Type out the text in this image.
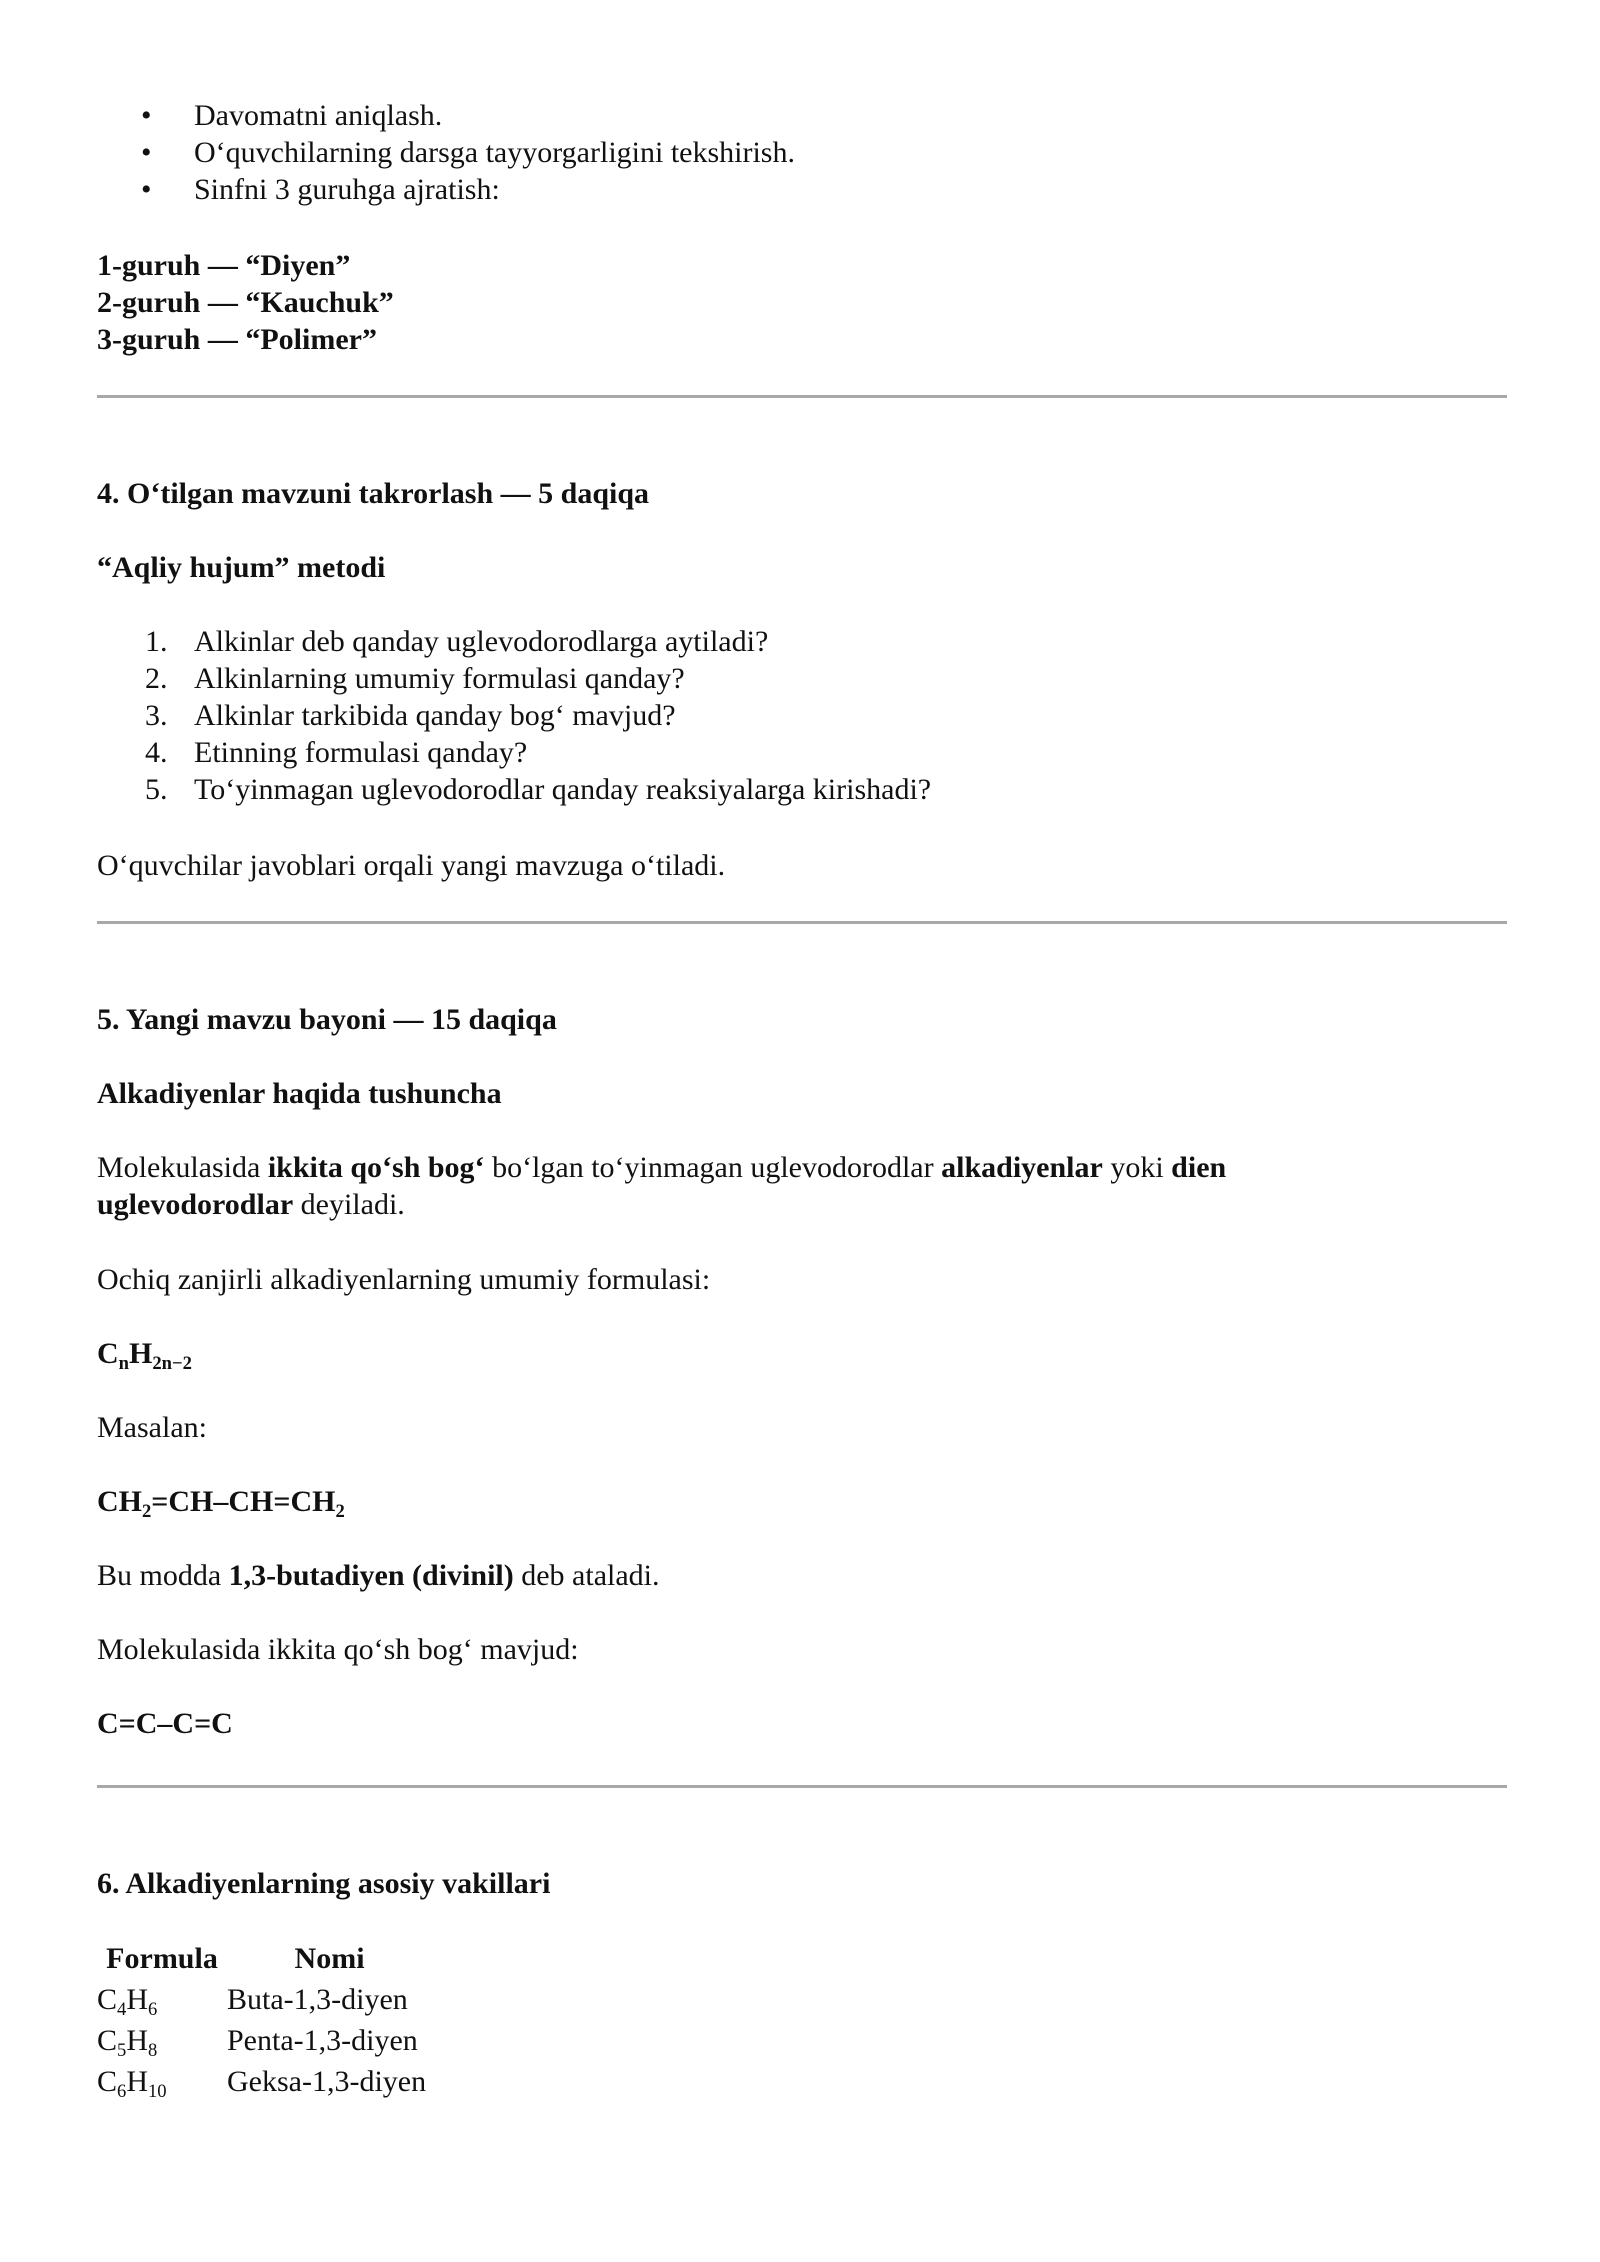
• Davomatni aniqlash.
• O‘quvchilarning darsga tayyorgarligini tekshirish.
• Sinfni 3 guruhga ajratish:
1-guruh — “Diyen”
2-guruh — “Kauchuk”
3-guruh — “Polimer”
4. O‘tilgan mavzuni takrorlash — 5 daqiqa
“Aqliy hujum” metodi
1. Alkinlar deb qanday uglevodorodlarga aytiladi?
2. Alkinlarning umumiy formulasi qanday?
3. Alkinlar tarkibida qanday bog‘ mavjud?
4. Etinning formulasi qanday?
5. To‘yinmagan uglevodorodlar qanday reaksiyalarga kirishadi?
O‘quvchilar javoblari orqali yangi mavzuga o‘tiladi.
5. Yangi mavzu bayoni — 15 daqiqa
Alkadiyenlar haqida tushuncha
Molekulasida ikkita qo‘sh bog‘ bo‘lgan to‘yinmagan uglevodorodlar alkadiyenlar yoki dien uglevodorodlar deyiladi.
Ochiq zanjirli alkadiyenlarning umumiy formulasi:
$C_nH_{2n-2}$
Masalan:
$CH_2=CH-CH=CH_2$
Bu modda 1,3-butadiyen (divinil) deb ataladi.
Molekulasida ikkita qo‘sh bog‘ mavjud:
C=C–C=C
6. Alkadiyenlarning asosiy vakillari
Formula	Nomi
$C_4H_6$	Buta-1,3-diyen
$C_5H_8$	Penta-1,3-diyen
$C_6H_{10}$	Geksa-1,3-diyen
